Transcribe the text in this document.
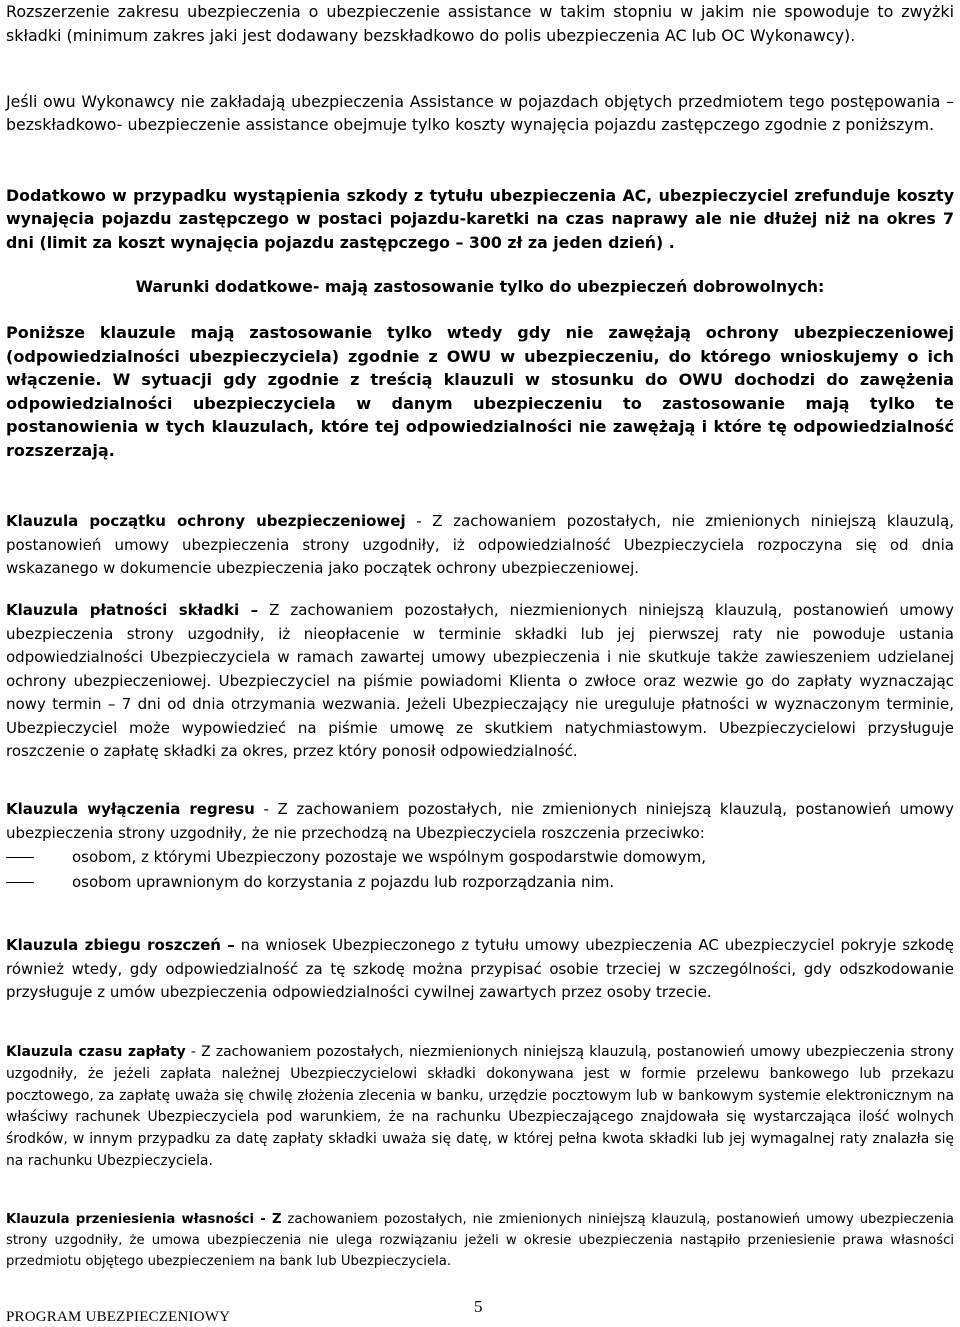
Rozszerzenie zakresu ubezpieczenia o ubezpieczenie assistance w takim stopniu w jakim nie spowoduje to zwyżki składki (minimum zakres jaki jest dodawany bezskładkowo do polis ubezpieczenia AC lub OC Wykonawcy).

Jeśli owu Wykonawcy nie zakładają ubezpieczenia Assistance w pojazdach objętych przedmiotem tego postępowania – bezskładkowo- ubezpieczenie assistance obejmuje tylko koszty wynajęcia pojazdu zastępczego zgodnie z poniższym.

Dodatkowo w przypadku wystąpienia szkody z tytułu ubezpieczenia AC, ubezpieczyciel zrefunduje koszty wynajęcia pojazdu zastępczego w postaci pojazdu-karetki na czas naprawy ale nie dłużej niż na okres 7 dni (limit za koszt wynajęcia pojazdu zastępczego – 300 zł za jeden dzień) .

Warunki dodatkowe- mają zastosowanie tylko do ubezpieczeń dobrowolnych:

Poniższe klauzule mają zastosowanie tylko wtedy gdy nie zawężają ochrony ubezpieczeniowej (odpowiedzialności ubezpieczyciela) zgodnie z OWU w ubezpieczeniu, do którego wnioskujemy o ich włączenie. W sytuacji gdy zgodnie z treścią klauzuli w stosunku do OWU dochodzi do zawężenia odpowiedzialności ubezpieczyciela w danym ubezpieczeniu to zastosowanie mają tylko te postanowienia w tych klauzulach, które tej odpowiedzialności nie zawężają i które tę odpowiedzialność rozszerzają.

Klauzula początku ochrony ubezpieczeniowej - Z zachowaniem pozostałych, nie zmienionych niniejszą klauzulą, postanowień umowy ubezpieczenia strony uzgodniły, iż odpowiedzialność Ubezpieczyciela rozpoczyna się od dnia wskazanego w dokumencie ubezpieczenia jako początek ochrony ubezpieczeniowej.

Klauzula płatności składki – Z zachowaniem pozostałych, niezmienionych niniejszą klauzulą, postanowień umowy ubezpieczenia strony uzgodniły, iż nieopłacenie w terminie składki lub jej pierwszej raty nie powoduje ustania odpowiedzialności Ubezpieczyciela w ramach zawartej umowy ubezpieczenia i nie skutkuje także zawieszeniem udzielanej ochrony ubezpieczeniowej. Ubezpieczyciel na piśmie powiadomi Klienta o zwłoce oraz wezwie go do zapłaty wyznaczając nowy termin – 7 dni od dnia otrzymania wezwania. Jeżeli Ubezpieczający nie ureguluje płatności w wyznaczonym terminie, Ubezpieczyciel może wypowiedzieć na piśmie umowę ze skutkiem natychmiastowym. Ubezpieczycielowi przysługuje roszczenie o zapłatę składki za okres, przez który ponosił odpowiedzialność.

Klauzula wyłączenia regresu - Z zachowaniem pozostałych, nie zmienionych niniejszą klauzulą, postanowień umowy ubezpieczenia strony uzgodniły, że nie przechodzą na Ubezpieczyciela roszczenia przeciwko:

osobom, z którymi Ubezpieczony pozostaje we wspólnym gospodarstwie domowym,
osobom uprawnionym do korzystania z pojazdu lub rozporządzania nim.

Klauzula zbiegu roszczeń – na wniosek Ubezpieczonego z tytułu umowy ubezpieczenia AC ubezpieczyciel pokryje szkodę również wtedy, gdy odpowiedzialność za tę szkodę można przypisać osobie trzeciej w szczególności, gdy odszkodowanie przysługuje z umów ubezpieczenia odpowiedzialności cywilnej zawartych przez osoby trzecie.

Klauzula czasu zapłaty - Z zachowaniem pozostałych, niezmienionych niniejszą klauzulą, postanowień umowy ubezpieczenia strony uzgodniły, że jeżeli zapłata należnej Ubezpieczycielowi składki dokonywana jest w formie przelewu bankowego lub przekazu pocztowego, za zapłatę uważa się chwilę złożenia zlecenia w banku, urzędzie pocztowym lub w bankowym systemie elektronicznym na właściwy rachunek Ubezpieczyciela pod warunkiem, że na rachunku Ubezpieczającego znajdowała się wystarczająca ilość wolnych środków, w innym przypadku za datę zapłaty składki uważa się datę, w której pełna kwota składki lub jej wymagalnej raty znalazła się na rachunku Ubezpieczyciela.

Klauzula przeniesienia własności - Z zachowaniem pozostałych, nie zmienionych niniejszą klauzulą, postanowień umowy ubezpieczenia strony uzgodniły, że umowa ubezpieczenia nie ulega rozwiązaniu jeżeli w okresie ubezpieczenia nastąpiło przeniesienie prawa własności przedmiotu objętego ubezpieczeniem na bank lub Ubezpieczyciela.

PROGRAM UBEZPIECZENIOWY
5
